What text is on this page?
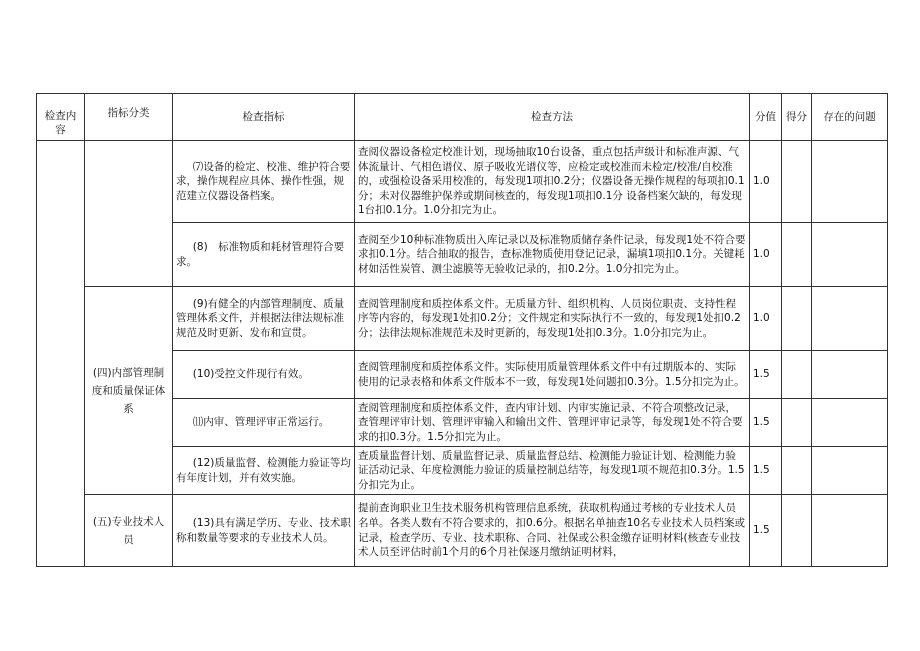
检查内容	指标分类	检查指标	检查方法	分值	得分	存在的问题
		⑺设备的检定、校准、维护符合要求，操作规程应具体、操作性强，规范建立仪器设备档案。	查阅仪器设备检定校准计划，现场抽取10台设备，重点包括声级计和标准声源、气体流量计、气相色谱仪、原子吸收光谱仪等，应检定或校准而未检定/校准/自校准的，或强检设备采用校准的，每发现1项扣0.2分；仪器设备无操作规程的每项扣0.1分；未对仪器维护保养或期间核查的，每发现1项扣0.1分 设备档案欠缺的，每发现1台扣0.1分。1.0分扣完为止。	1.0		
		(8)　标准物质和耗材管理符合要求。	查阅至少10种标准物质出入库记录以及标准物质储存条件记录，每发现1处不符合要求扣0.1分。结合抽取的报告，查标准物质使用登记记录，漏填1项扣0.1分。关键耗材如活性炭管、测尘滤膜等无验收记录的，扣0.2分。1.0分扣完为止。	1.0		
	(四)内部管理制度和质量保证体系	(9)有健全的内部管理制度、质量管理体系文件，并根据法律法规标准规范及时更新、发布和宣贯。	查阅管理制度和质控体系文件。无质量方针、组织机构、人员岗位职责、支持性程序等内容的，每发现1处扣0.2分；文件规定和实际执行不一致的，每发现1处扣0.2分；法律法规标准规范未及时更新的，每发现1处扣0.3分。1.0分扣完为止。	1.0		
		(10)受控文件现行有效。	查阅管理制度和质控体系文件。实际使用质量管理体系文件中有过期版本的、实际使用的记录表格和体系文件版本不一致，每发现1处问题扣0.3分。1.5分扣完为止。	1.5		
		⑾内审、管理评审正常运行。	查阅管理制度和质控体系文件，查内审计划、内审实施记录、不符合项整改记录，查管理评审计划、管理评审输入和输出文件、管理评审记录等，每发现1处不符合要求的扣0.3分。1.5分扣完为止。	1.5		
		(12)质量监督、检测能力验证等均有年度计划，并有效实施。	查质量监督计划、质量监督记录、质量监督总结、检测能力验证计划、检测能力验证活动记录、年度检测能力验证的质量控制总结等，每发现1项不规范扣0.3分。1.5分扣完为止。	1.5		
	(五)专业技术人员	(13)具有满足学历、专业、技术职称和数量等要求的专业技术人员。	提前查询职业卫生技术服务机构管理信息系统，获取机构通过考核的专业技术人员名单。各类人数有不符合要求的，扣0.6分。根据名单抽查10名专业技术人员档案或记录，检查学历、专业、技术职称、合同、社保或公积金缴存证明材料(核查专业技术人员至评估时前1个月的6个月社保逐月缴纳证明材料，	1.5		
